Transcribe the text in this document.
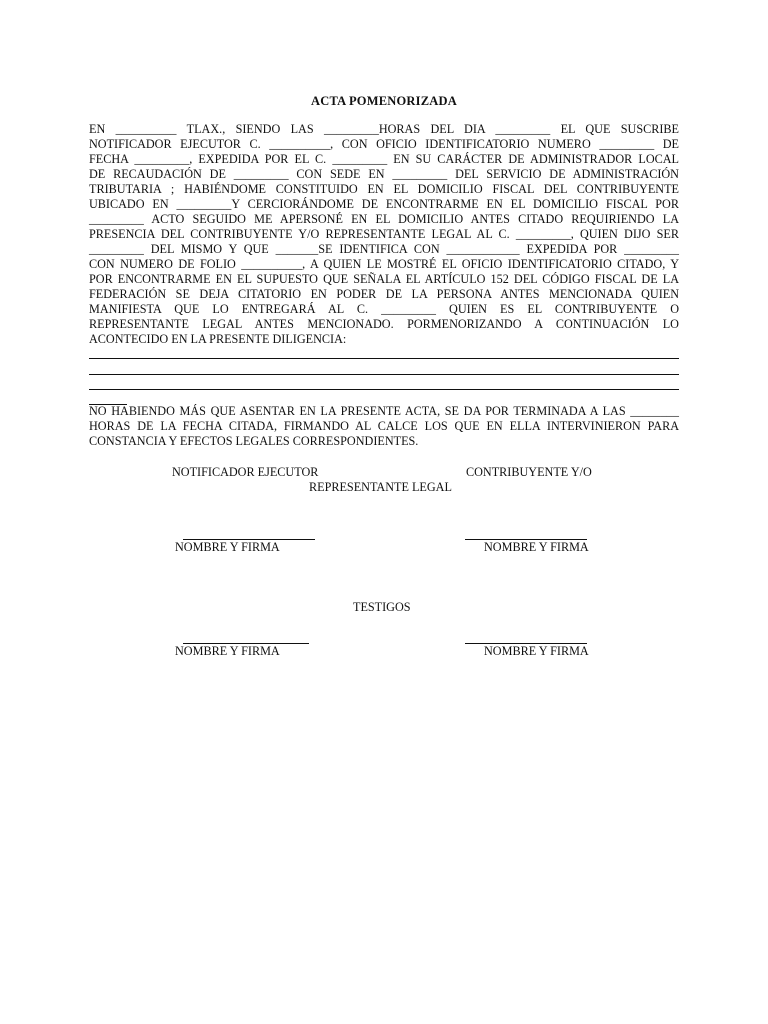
ACTA POMENORIZADA
EN __________ TLAX., SIENDO LAS _________HORAS DEL DIA _________ EL QUE SUSCRIBE
NOTIFICADOR EJECUTOR C. __________, CON OFICIO IDENTIFICATORIO NUMERO _________ DE
FECHA _________, EXPEDIDA POR EL C. _________ EN SU CARÁCTER DE ADMINISTRADOR LOCAL
DE RECAUDACIÓN DE _________ CON SEDE EN _________ DEL SERVICIO DE ADMINISTRACIÓN
TRIBUTARIA ; HABIÉNDOME CONSTITUIDO EN EL DOMICILIO FISCAL DEL CONTRIBUYENTE
UBICADO EN _________Y CERCIORÁNDOME DE ENCONTRARME EN EL DOMICILIO FISCAL POR
_________ ACTO SEGUIDO ME APERSONÉ EN EL DOMICILIO ANTES CITADO REQUIRIENDO LA
PRESENCIA DEL CONTRIBUYENTE Y/O REPRESENTANTE LEGAL AL C. _________, QUIEN DIJO SER
_________ DEL MISMO Y QUE _______SE IDENTIFICA CON ____________ EXPEDIDA POR _________
CON NUMERO DE FOLIO __________, A QUIEN LE MOSTRÉ EL OFICIO IDENTIFICATORIO CITADO, Y
POR ENCONTRARME EN EL SUPUESTO QUE SEÑALA EL ARTÍCULO 152 DEL CÓDIGO FISCAL DE LA
FEDERACIÓN SE DEJA CITATORIO EN PODER DE LA PERSONA ANTES MENCIONADA QUIEN
MANIFIESTA QUE LO ENTREGARÁ AL C. _________ QUIEN ES EL CONTRIBUYENTE O
REPRESENTANTE LEGAL ANTES MENCIONADO. PORMENORIZANDO A CONTINUACIÓN LO
ACONTECIDO EN LA PRESENTE DILIGENCIA:
NO HABIENDO MÁS QUE ASENTAR EN LA PRESENTE ACTA, SE DA POR TERMINADA A LAS ________
HORAS DE LA FECHA CITADA, FIRMANDO AL CALCE LOS QUE EN ELLA INTERVINIERON PARA
CONSTANCIA Y EFECTOS LEGALES CORRESPONDIENTES.
NOTIFICADOR EJECUTOR	CONTRIBUYENTE Y/O
REPRESENTANTE LEGAL
NOMBRE Y FIRMA	NOMBRE Y FIRMA
TESTIGOS
NOMBRE Y FIRMA	NOMBRE Y FIRMA
